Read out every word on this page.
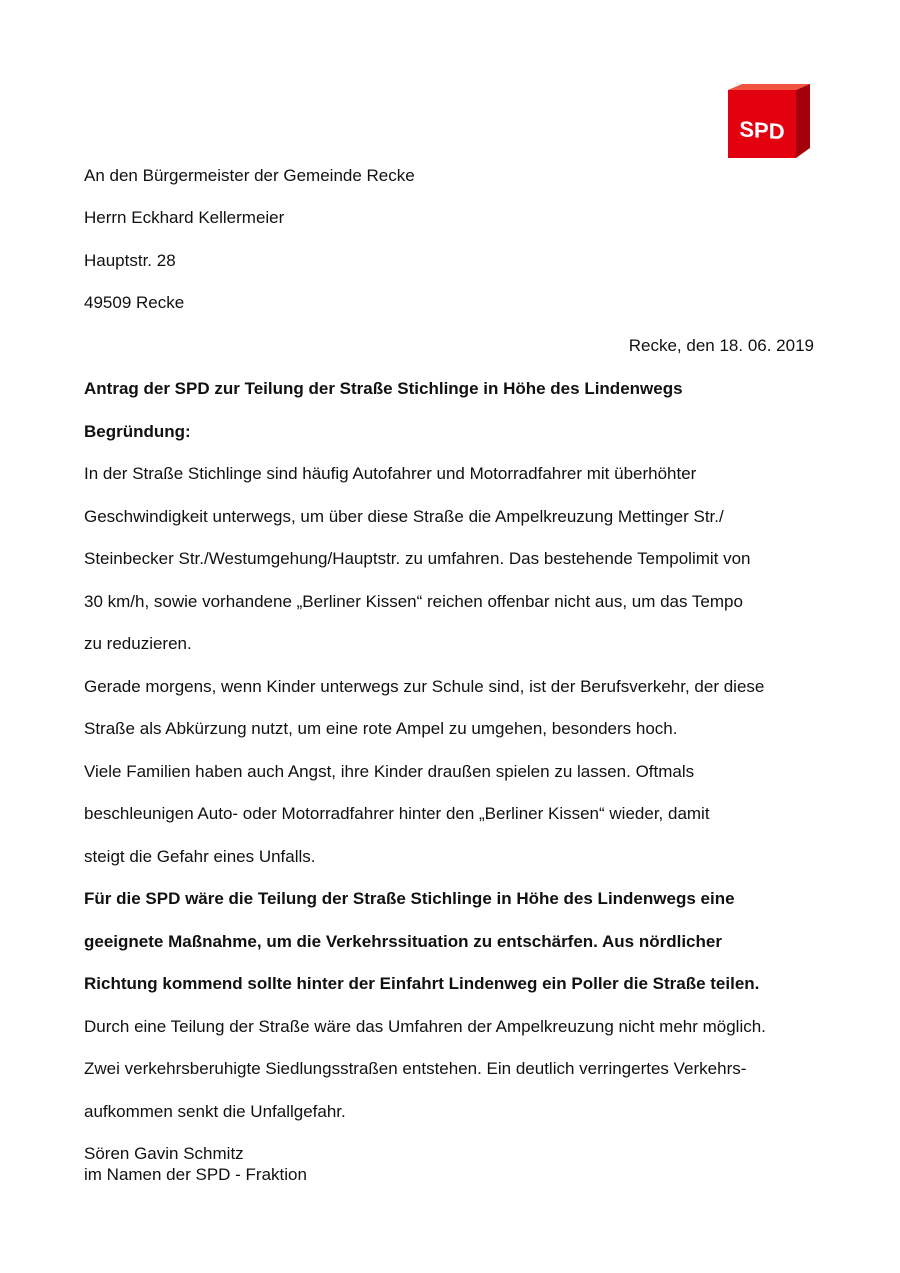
SPD
An den Bürgermeister der Gemeinde Recke
Herrn Eckhard Kellermeier
Hauptstr. 28
49509 Recke
Recke, den 18. 06. 2019
Antrag der SPD zur Teilung der Straße Stichlinge in Höhe des Lindenwegs
Begründung:
In der Straße Stichlinge sind häufig Autofahrer und Motorradfahrer mit überhöhter
Geschwindigkeit unterwegs, um über diese Straße die Ampelkreuzung Mettinger Str./
Steinbecker Str./Westumgehung/Hauptstr. zu umfahren. Das bestehende Tempolimit von
30 km/h, sowie vorhandene „Berliner Kissen“ reichen offenbar nicht aus, um das Tempo
zu reduzieren.
Gerade morgens, wenn Kinder unterwegs zur Schule sind, ist der Berufsverkehr, der diese
Straße als Abkürzung nutzt, um eine rote Ampel zu umgehen, besonders hoch.
Viele Familien haben auch Angst, ihre Kinder draußen spielen zu lassen. Oftmals
beschleunigen Auto- oder Motorradfahrer hinter den „Berliner Kissen“ wieder, damit
steigt die Gefahr eines Unfalls.
Für die SPD wäre die Teilung der Straße Stichlinge in Höhe des Lindenwegs eine
geeignete Maßnahme, um die Verkehrssituation zu entschärfen. Aus nördlicher
Richtung kommend sollte hinter der Einfahrt Lindenweg ein Poller die Straße teilen.
Durch eine Teilung der Straße wäre das Umfahren der Ampelkreuzung nicht mehr möglich.
Zwei verkehrsberuhigte Siedlungsstraßen entstehen. Ein deutlich verringertes Verkehrs-
aufkommen senkt die Unfallgefahr.
Sören Gavin Schmitz
im Namen der SPD - Fraktion
